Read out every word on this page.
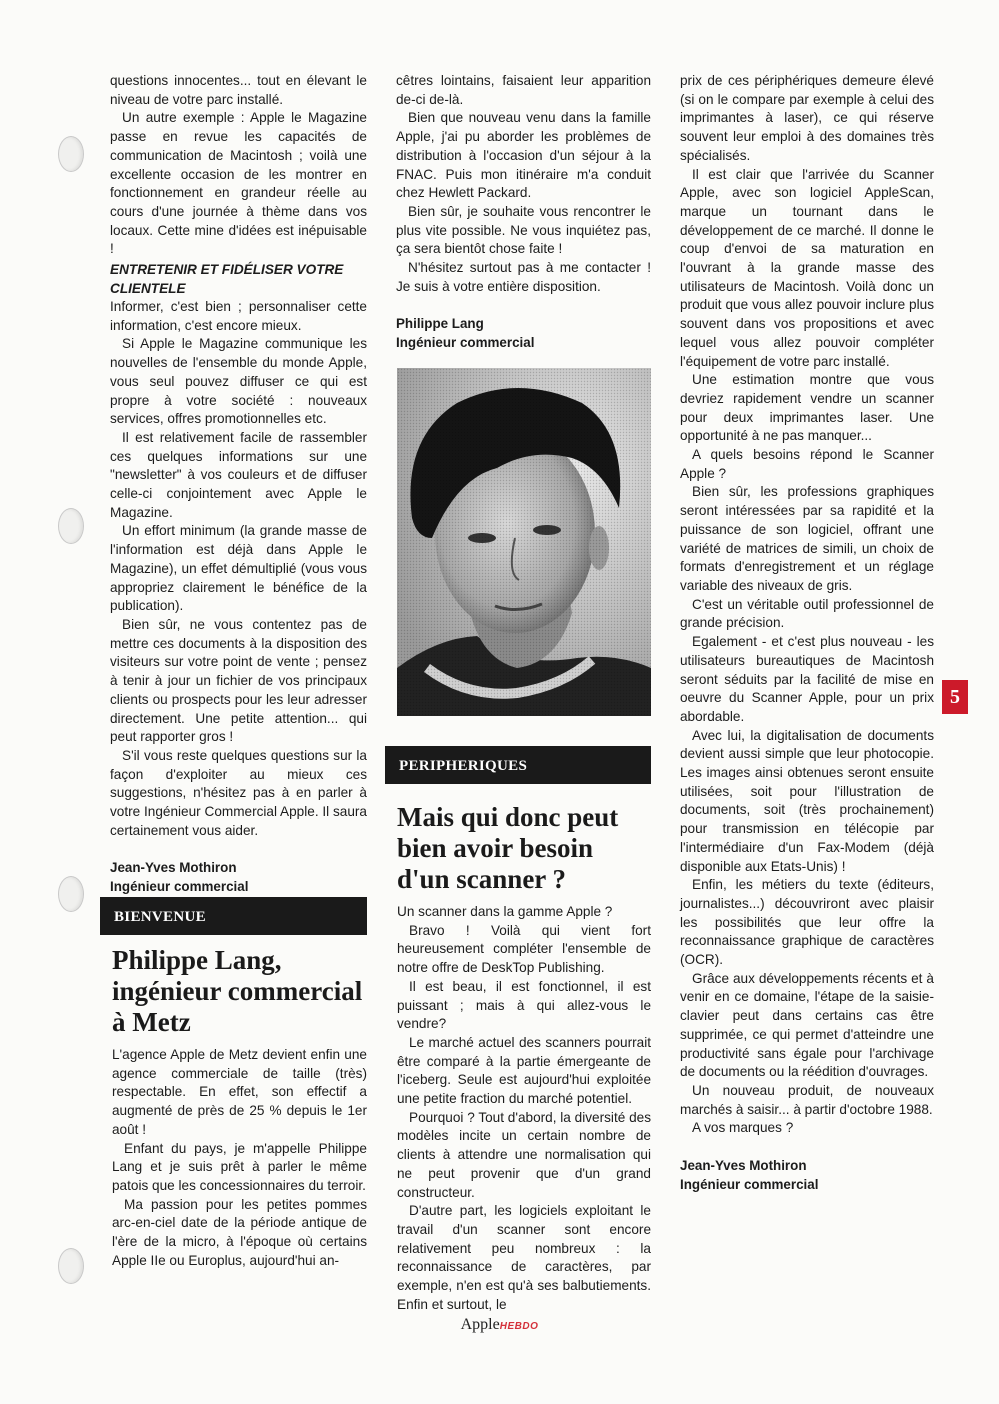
questions innocentes... tout en élevant le niveau de votre parc installé.

Un autre exemple : Apple le Magazine passe en revue les capacités de communication de Macintosh ; voilà une excellente occasion de les montrer en fonctionnement en grandeur réelle au cours d'une journée à thème dans vos locaux. Cette mine d'idées est inépuisable !

ENTRETENIR ET FIDÉLISER VOTRE CLIENTELE

Informer, c'est bien ; personnaliser cette information, c'est encore mieux.

Si Apple le Magazine communique les nouvelles de l'ensemble du monde Apple, vous seul pouvez diffuser ce qui est propre à votre société : nouveaux services, offres promotionnelles etc.

Il est relativement facile de rassembler ces quelques informations sur une "newsletter" à vos couleurs et de diffuser celle-ci conjointement avec Apple le Magazine.

Un effort minimum (la grande masse de l'information est déjà dans Apple le Magazine), un effet démultiplié (vous vous appropriez clairement le bénéfice de la publication).

Bien sûr, ne vous contentez pas de mettre ces documents à la disposition des visiteurs sur votre point de vente ; pensez à tenir à jour un fichier de vos principaux clients ou prospects pour les leur adresser directement. Une petite attention... qui peut rapporter gros !

S'il vous reste quelques questions sur la façon d'exploiter au mieux ces suggestions, n'hésitez pas à en parler à votre Ingénieur Commercial Apple. Il saura certainement vous aider.

Jean-Yves Mothiron

Ingénieur commercial

BIENVENUE
Philippe Lang, ingénieur commercial à Metz

L'agence Apple de Metz devient enfin une agence commerciale de taille (très) respectable. En effet, son effectif a augmenté de près de 25 % depuis le 1er août !

Enfant du pays, je m'appelle Philippe Lang et je suis prêt à parler le même patois que les concessionnaires du terroir.

Ma passion pour les petites pommes arc-en-ciel date de la période antique de l'ère de la micro, à l'époque où certains Apple IIe ou Europlus, aujourd'hui an-

cêtres lointains, faisaient leur apparition de-ci de-là.

Bien que nouveau venu dans la famille Apple, j'ai pu aborder les problèmes de distribution à l'occasion d'un séjour à la FNAC. Puis mon itinéraire m'a conduit chez Hewlett Packard.

Bien sûr, je souhaite vous rencontrer le plus vite possible. Ne vous inquiétez pas, ça sera bientôt chose faite !

N'hésitez surtout pas à me contacter ! Je suis à votre entière disposition.

Philippe Lang

Ingénieur commercial

PERIPHERIQUES
Mais qui donc peut bien avoir besoin d'un scanner ?

Un scanner dans la gamme Apple ?

Bravo ! Voilà qui vient fort heureusement compléter l'ensemble de notre offre de DeskTop Publishing.

Il est beau, il est fonctionnel, il est puissant ; mais à qui allez-vous le vendre?

Le marché actuel des scanners pourrait être comparé à la partie émergeante de l'iceberg. Seule est aujourd'hui exploitée une petite fraction du marché potentiel.

Pourquoi ? Tout d'abord, la diversité des modèles incite un certain nombre de clients à attendre une normalisation qui ne peut provenir que d'un grand constructeur.

D'autre part, les logiciels exploitant le travail d'un scanner sont encore relativement peu nombreux : la reconnaissance de caractères, par exemple, n'en est qu'à ses balbutiements. Enfin et surtout, le

prix de ces périphériques demeure élevé (si on le compare par exemple à celui des imprimantes à laser), ce qui réserve souvent leur emploi à des domaines très spécialisés.

Il est clair que l'arrivée du Scanner Apple, avec son logiciel AppleScan, marque un tournant dans le développement de ce marché. Il donne le coup d'envoi de sa maturation en l'ouvrant à la grande masse des utilisateurs de Macintosh. Voilà donc un produit que vous allez pouvoir inclure plus souvent dans vos propositions et avec lequel vous allez pouvoir compléter l'équipement de votre parc installé.

Une estimation montre que vous devriez rapidement vendre un scanner pour deux imprimantes laser. Une opportunité à ne pas manquer...

A quels besoins répond le Scanner Apple ?

Bien sûr, les professions graphiques seront intéressées par sa rapidité et la puissance de son logiciel, offrant une variété de matrices de simili, un choix de formats d'enregistrement et un réglage variable des niveaux de gris.

C'est un véritable outil professionnel de grande précision.

Egalement - et c'est plus nouveau - les utilisateurs bureautiques de Macintosh seront séduits par la facilité de mise en oeuvre du Scanner Apple, pour un prix abordable.

Avec lui, la digitalisation de documents devient aussi simple que leur photocopie. Les images ainsi obtenues seront ensuite utilisées, soit pour l'illustration de documents, soit (très prochainement) pour transmission en télécopie par l'intermédiaire d'un Fax-Modem (déjà disponible aux Etats-Unis) !

Enfin, les métiers du texte (éditeurs, journalistes...) découvriront avec plaisir les possibilités que leur offre la reconnaissance graphique de caractères (OCR).

Grâce aux développements récents et à venir en ce domaine, l'étape de la saisie-clavier peut dans certains cas être supprimée, ce qui permet d'atteindre une productivité sans égale pour l'archivage de documents ou la réédition d'ouvrages.

Un nouveau produit, de nouveaux marchés à saisir... à partir d'octobre 1988.

A vos marques ?

Jean-Yves Mothiron

Ingénieur commercial

5
AppleHEBDO
